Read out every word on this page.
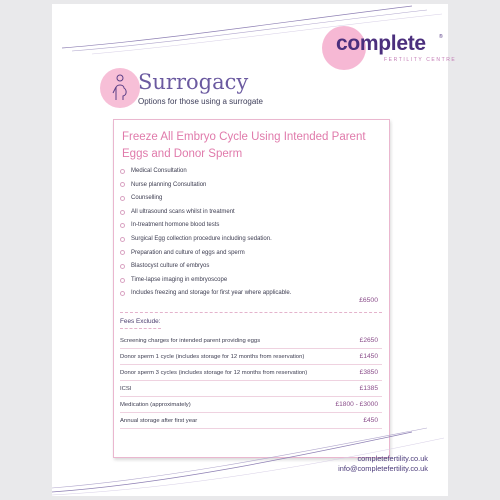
complete	®
FERTILITY CENTRE
Surrogacy
Options for those using a surrogate
Freeze All Embryo Cycle Using Intended Parent Eggs and Donor Sperm
Medical Consultation
Nurse planning Consultation
Counselling
All ultrasound scans whilst in treatment
In-treatment hormone blood tests
Surgical Egg collection procedure including sedation.
Preparation and culture of eggs and sperm
Blastocyst culture of embryos
Time-lapse imaging in embryoscope
Includes freezing and storage for first year where applicable.
£6500
Fees Exclude:
Screening charges for intended parent providing eggs	£2650
Donor sperm 1 cycle (includes storage for 12 months from reservation)	£1450
Donor sperm 3 cycles (includes storage for 12 months from reservation)	£3850
ICSI	£1385
Medication (approximately)	£1800 - £3000
Annual storage after first year	£450
completefertility.co.uk
info@completefertility.co.uk
